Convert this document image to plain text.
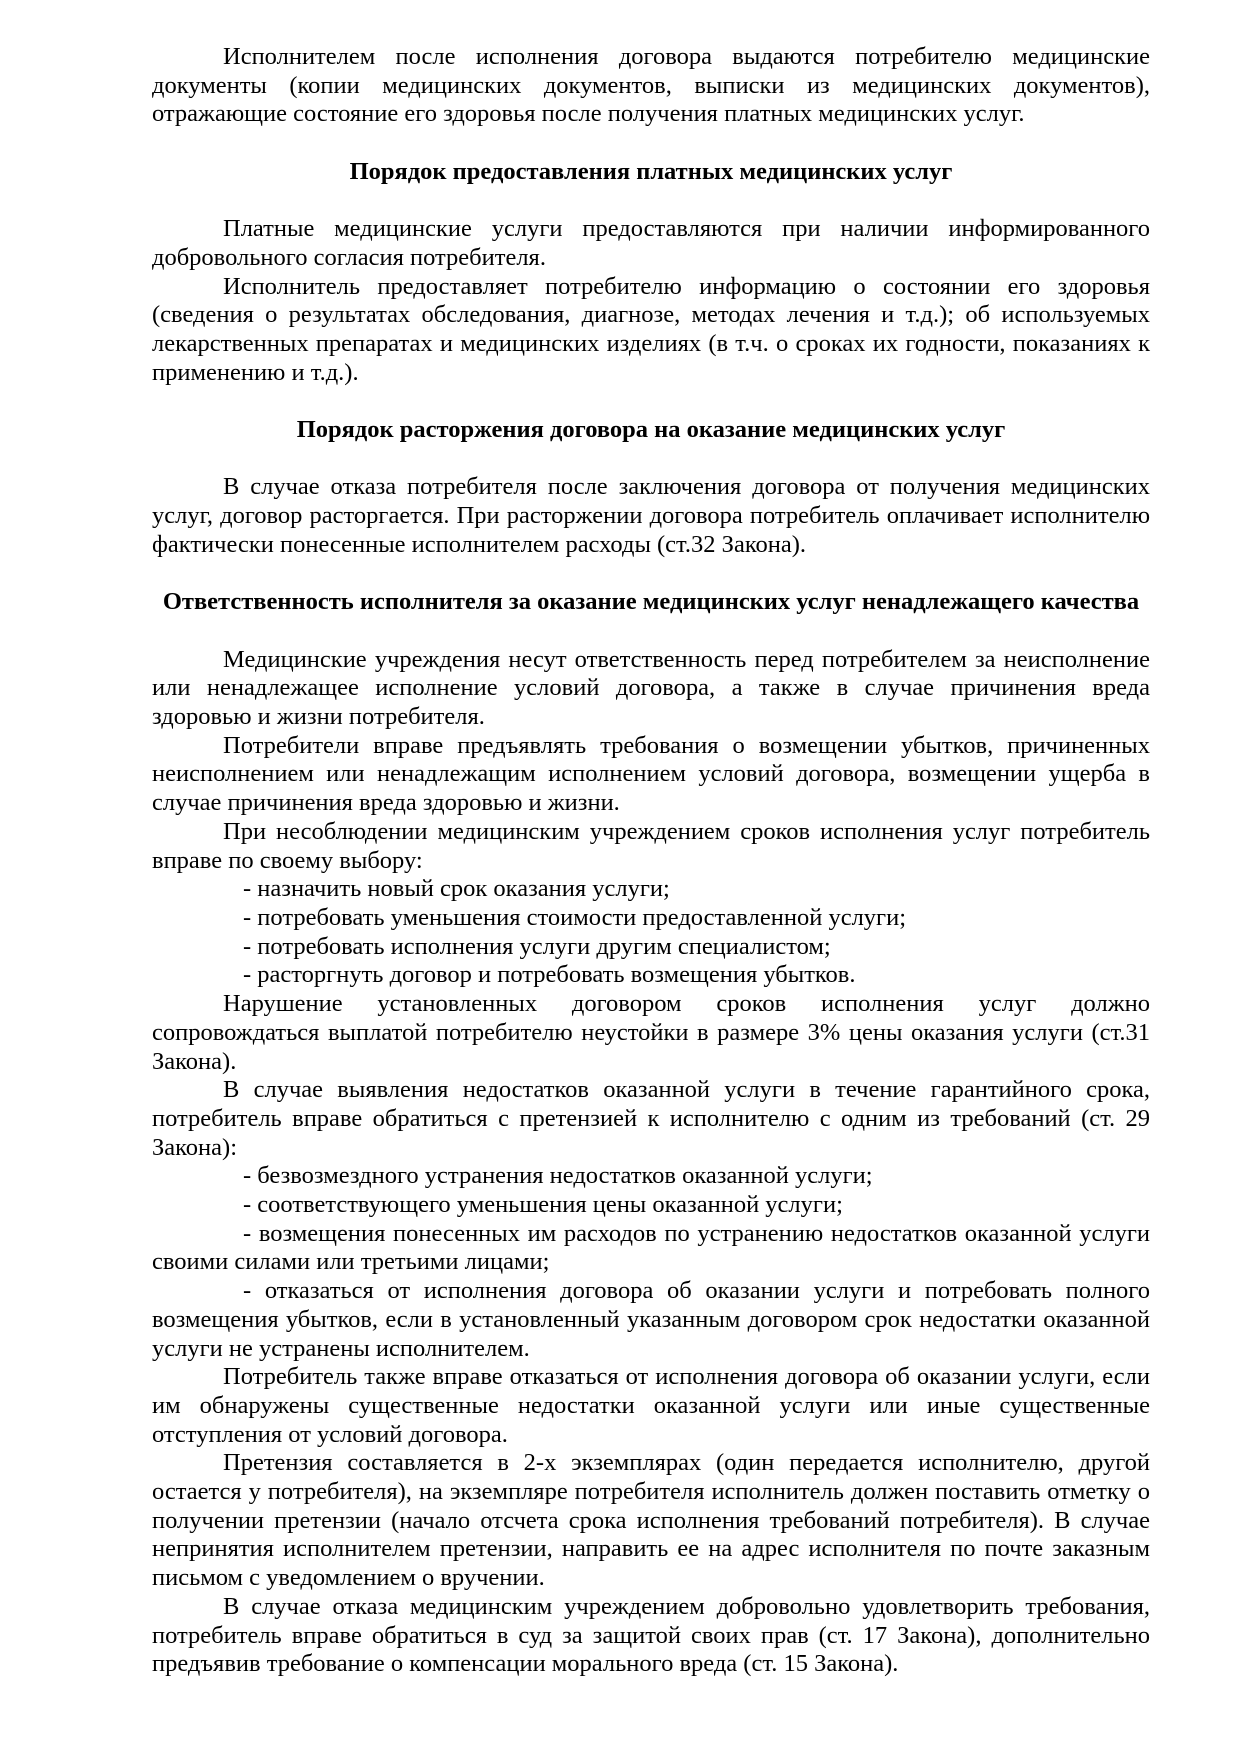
Исполнителем после исполнения договора выдаются потребителю медицинские документы (копии медицинских документов, выписки из медицинских документов), отражающие состояние его здоровья после получения платных медицинских услуг.

Порядок предоставления платных медицинских услуг

Платные медицинские услуги предоставляются при наличии информированного добровольного согласия потребителя.

Исполнитель предоставляет потребителю информацию о состоянии его здоровья (сведения о результатах обследования, диагнозе, методах лечения и т.д.); об используемых лекарственных препаратах и медицинских изделиях (в т.ч. о сроках их годности, показаниях к применению и т.д.).

Порядок расторжения договора на оказание медицинских услуг

В случае отказа потребителя после заключения договора от получения медицинских услуг, договор расторгается. При расторжении договора потребитель оплачивает исполнителю фактически понесенные исполнителем расходы (ст.32 Закона).

Ответственность исполнителя за оказание медицинских услуг ненадлежащего качества

Медицинские учреждения несут ответственность перед потребителем за неисполнение или ненадлежащее исполнение условий договора, а также в случае причинения вреда здоровью и жизни потребителя.

Потребители вправе предъявлять требования о возмещении убытков, причиненных неисполнением или ненадлежащим исполнением условий договора, возмещении ущерба в случае причинения вреда здоровью и жизни.

При несоблюдении медицинским учреждением сроков исполнения услуг потребитель вправе по своему выбору:

- назначить новый срок оказания услуги;

- потребовать уменьшения стоимости предоставленной услуги;

- потребовать исполнения услуги другим специалистом;

- расторгнуть договор и потребовать возмещения убытков.

Нарушение установленных договором сроков исполнения услуг должно сопровождаться выплатой потребителю неустойки в размере 3% цены оказания услуги (ст.31 Закона).

В случае выявления недостатков оказанной услуги в течение гарантийного срока, потребитель вправе обратиться с претензией к исполнителю с одним из требований (ст. 29 Закона):

- безвозмездного устранения недостатков оказанной услуги;

- соответствующего уменьшения цены оказанной услуги;

- возмещения понесенных им расходов по устранению недостатков оказанной услуги своими силами или третьими лицами;

- отказаться от исполнения договора об оказании услуги и потребовать полного возмещения убытков, если в установленный указанным договором срок недостатки оказанной услуги не устранены исполнителем.

Потребитель также вправе отказаться от исполнения договора об оказании услуги, если им обнаружены существенные недостатки оказанной услуги или иные существенные отступления от условий договора.

Претензия составляется в 2-х экземплярах (один передается исполнителю, другой остается у потребителя), на экземпляре потребителя исполнитель должен поставить отметку о получении претензии (начало отсчета срока исполнения требований потребителя). В случае непринятия исполнителем претензии, направить ее на адрес исполнителя по почте заказным письмом с уведомлением о вручении.

В случае отказа медицинским учреждением добровольно удовлетворить требования, потребитель вправе обратиться в суд за защитой своих прав (ст. 17 Закона), дополнительно предъявив требование о компенсации морального вреда (ст. 15 Закона).
